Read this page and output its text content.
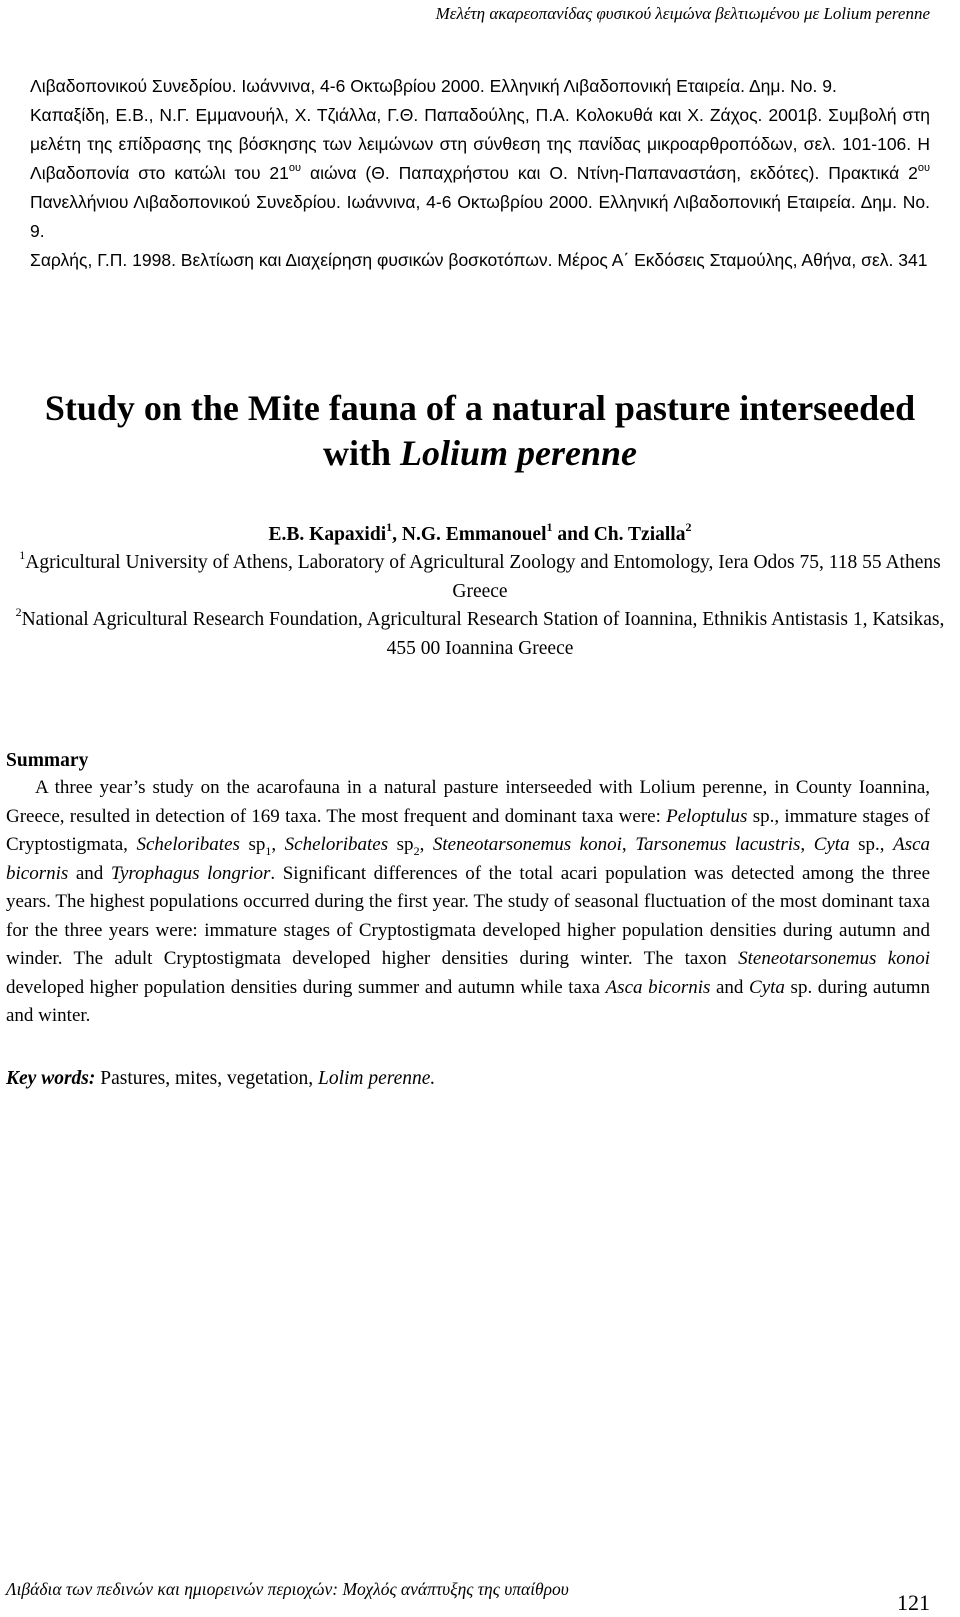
Μελέτη ακαρεοπανίδας φυσικού λειμώνα βελτιωμένου με Lolium perenne

Λιβαδοπονικού Συνεδρίου. Ιωάννινα, 4-6 Οκτωβρίου 2000. Ελληνική Λιβαδοπονική Εταιρεία. Δημ. Νο. 9.

Καπαξίδη, Ε.Β., Ν.Γ. Εμμανουήλ, Χ. Τζιάλλα, Γ.Θ. Παπαδούλης, Π.Α. Κολοκυθά και Χ. Ζάχος. 2001β. Συμβολή στη μελέτη της επίδρασης της βόσκησης των λειμώνων στη σύνθεση της πανίδας μικροαρθροπόδων, σελ. 101-106. Η Λιβαδοπονία στο κατώλι του $21^{o\upsilon}$ αιώνα (Θ. Παπαχρήστου και Ο. Ντίνη-Παπαναστάση, εκδότες). Πρακτικά $2^{o\upsilon}$ Πανελλήνιου Λιβαδοπονικού Συνεδρίου. Ιωάννινα, 4-6 Οκτωβρίου 2000. Ελληνική Λιβαδοπονική Εταιρεία. Δημ. Νο. 9.

Σαρλής, Γ.Π. 1998. Βελτίωση και Διαχείρηση φυσικών βοσκοτόπων. Μέρος Α΄ Εκδόσεις Σταμούλης, Αθήνα, σελ. 341

Study on the Mite fauna of a natural pasture interseeded
with Lolium perenne
E.B. Kapaxidi$^1$, N.G. Emmanouel$^1$ and Ch. Tzialla$^2$

$^1$Agricultural University of Athens, Laboratory of Agricultural Zoology and Entomology, Iera Odos 75, 118 55 Athens Greece

$^2$National Agricultural Research Foundation, Agricultural Research Station of Ioannina, Ethnikis Antistasis 1, Katsikas, 455 00 Ioannina Greece

Summary
A three year’s study on the acarofauna in a natural pasture interseeded with Lolium perenne, in County Ioannina, Greece, resulted in detection of 169 taxa. The most frequent and dominant taxa were: Peloptulus sp., immature stages of Cryptostigmata, Scheloribates $sp_1$, Scheloribates $sp_2$, Steneotarsonemus konoi, Tarsonemus lacustris, Cyta sp., Asca bicornis and Tyrophagus longrior. Significant differences of the total acari population was detected among the three years. The highest populations occurred during the first year. The study of seasonal fluctuation of the most dominant taxa for the three years were: immature stages of Cryptostigmata developed higher population densities during autumn and winder. The adult Cryptostigmata developed higher densities during winter. The taxon Steneotarsonemus konoi developed higher population densities during summer and autumn while taxa Asca bicornis and Cyta sp. during autumn and winter.
Key words: Pastures, mites, vegetation, Lolim perenne.
Λιβάδια των πεδινών και ημιορεινών περιοχών: Μοχλός ανάπτυξης της υπαίθρου
121
